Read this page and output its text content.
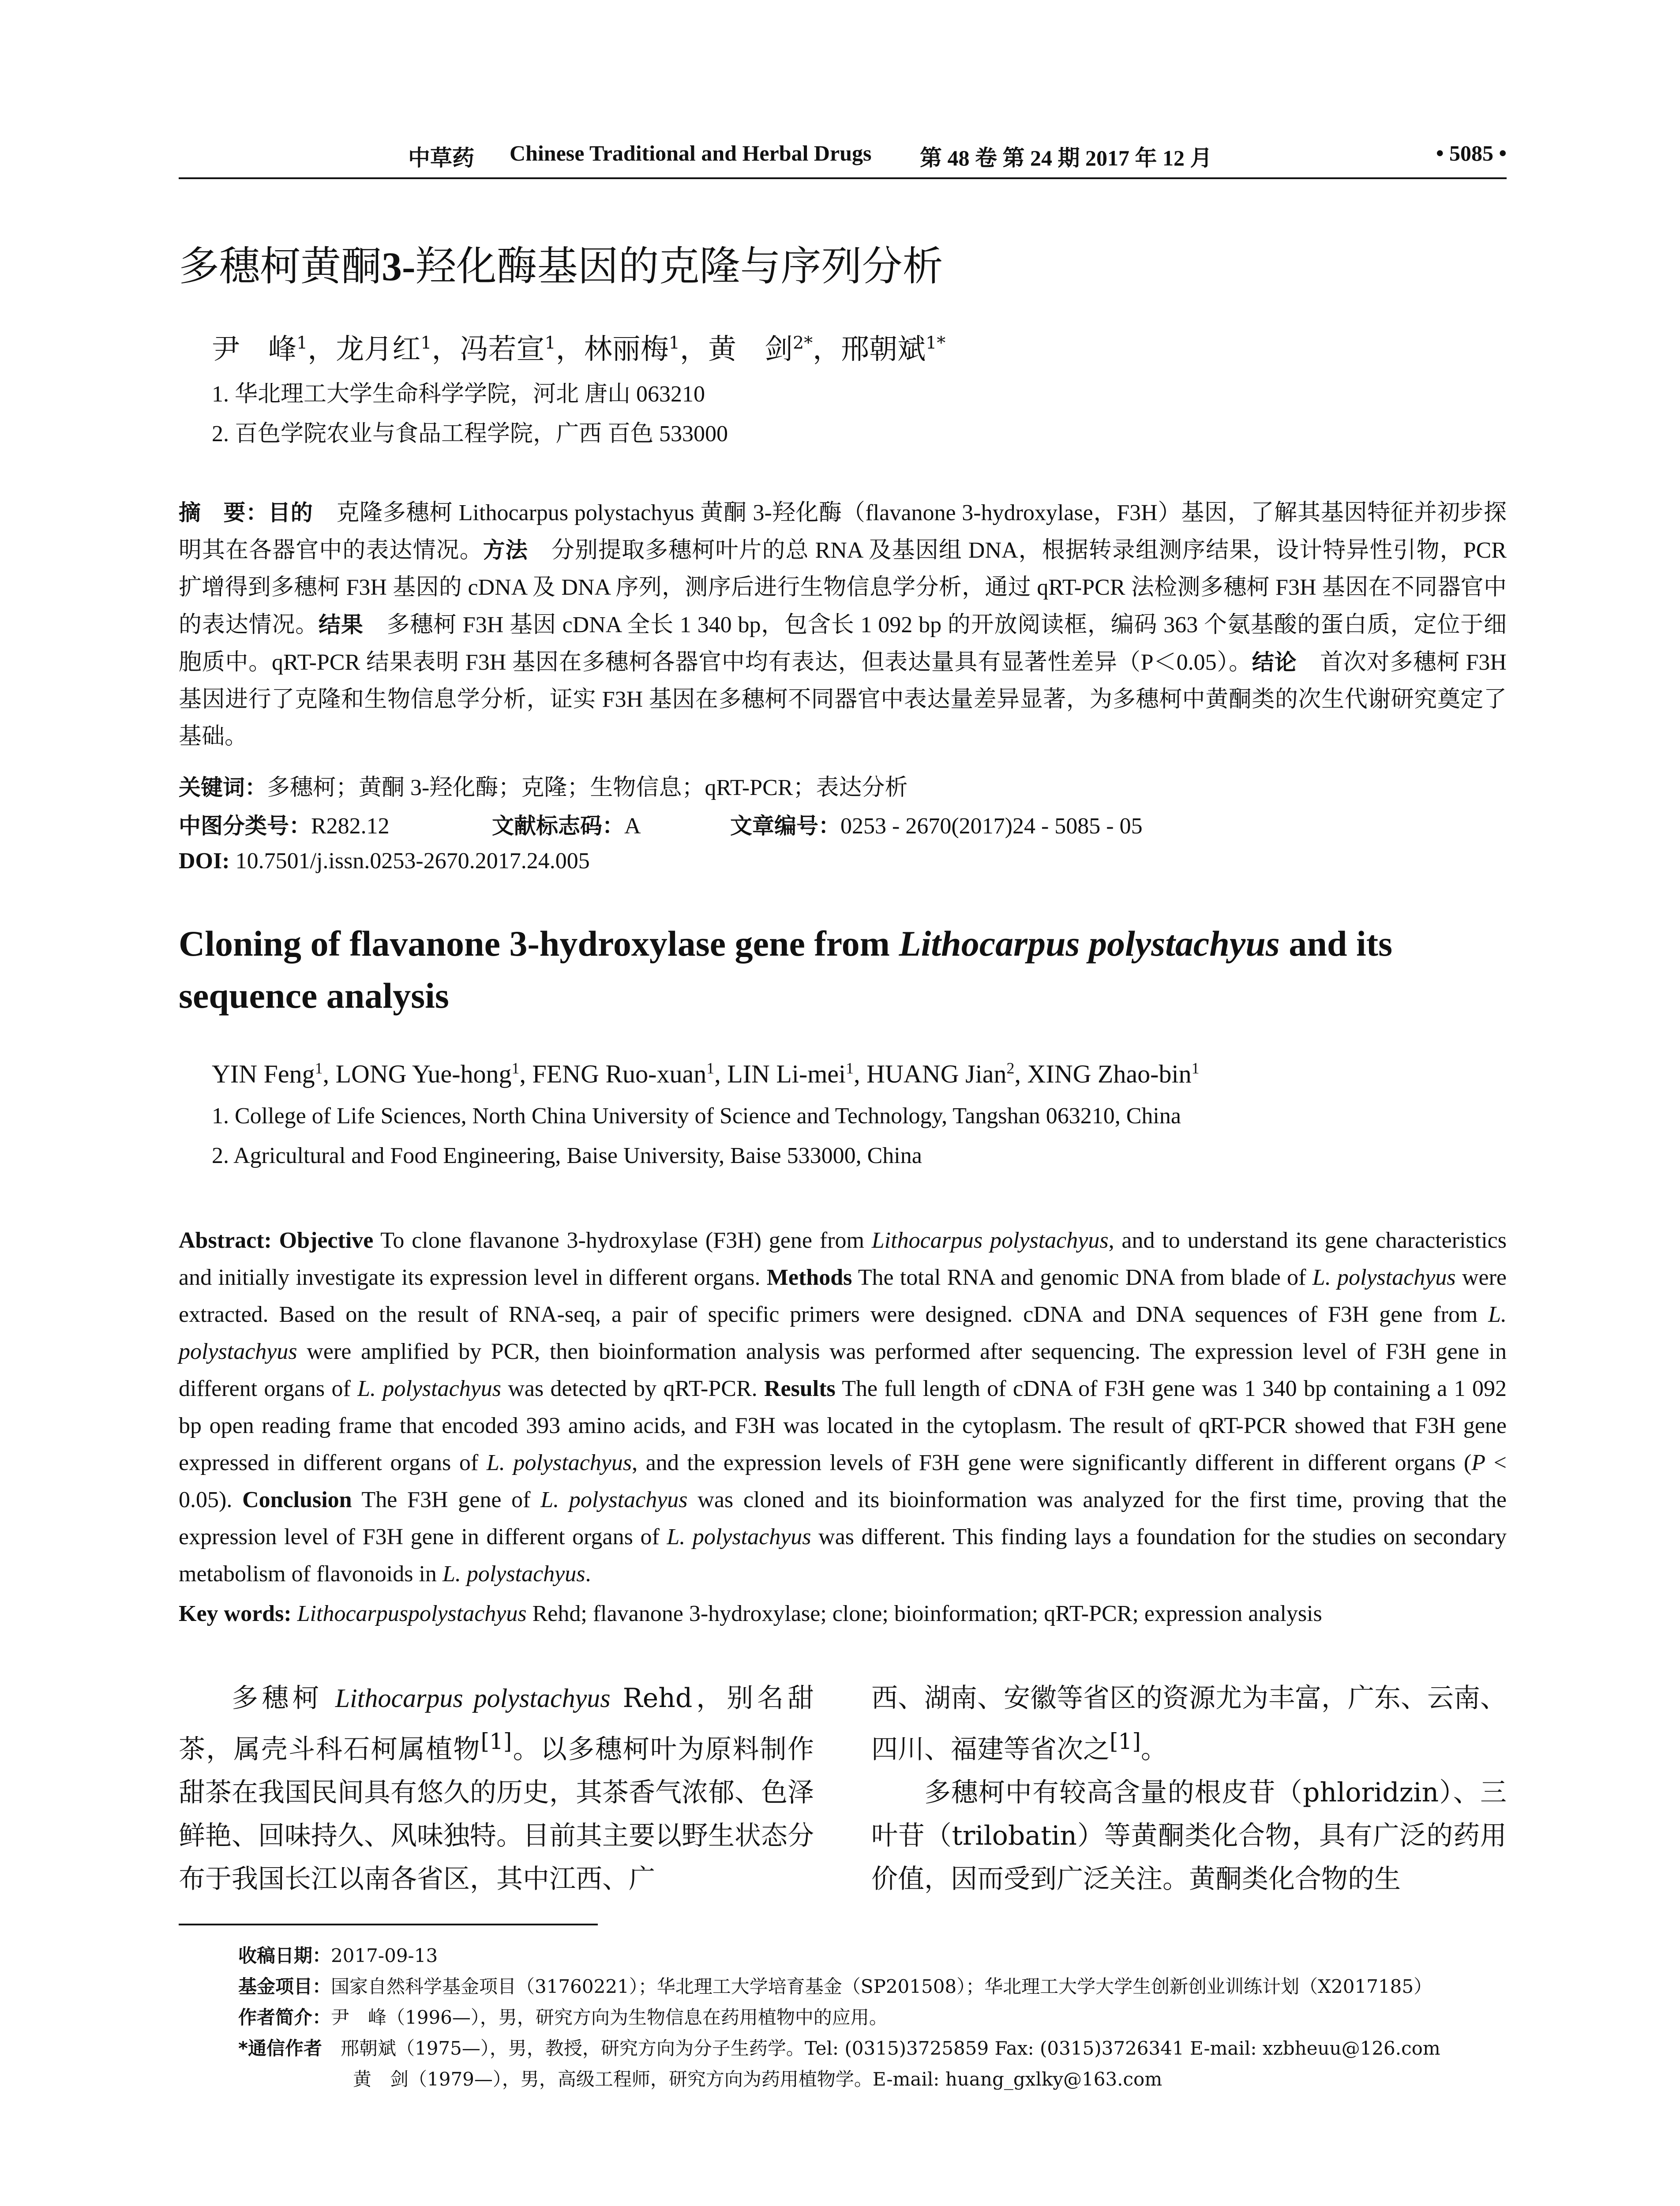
中草药 Chinese Traditional and Herbal Drugs 第 48 卷 第 24 期 2017 年 12 月	• 5085 •
多穗柯黄酮3-羟化酶基因的克隆与序列分析
尹　峰$^1$，龙月红$^1$，冯若宣$^1$，林丽梅$^1$，黄　剑$^{2*}$，邢朝斌$^{1*}$
1. 华北理工大学生命科学学院，河北 唐山 063210
2. 百色学院农业与食品工程学院，广西 百色 533000
摘　要：目的　克隆多穗柯 Lithocarpus polystachyus 黄酮 3-羟化酶（flavanone 3-hydroxylase，F3H）基因，了解其基因特征并初步探明其在各器官中的表达情况。方法　分别提取多穗柯叶片的总 RNA 及基因组 DNA，根据转录组测序结果，设计特异性引物，PCR 扩增得到多穗柯 F3H 基因的 cDNA 及 DNA 序列，测序后进行生物信息学分析，通过 qRT-PCR 法检测多穗柯 F3H 基因在不同器官中的表达情况。结果　多穗柯 F3H 基因 cDNA 全长 1 340 bp，包含长 1 092 bp 的开放阅读框，编码 363 个氨基酸的蛋白质，定位于细胞质中。qRT-PCR 结果表明 F3H 基因在多穗柯各器官中均有表达，但表达量具有显著性差异（P＜0.05）。结论　首次对多穗柯 F3H 基因进行了克隆和生物信息学分析，证实 F3H 基因在多穗柯不同器官中表达量差异显著，为多穗柯中黄酮类的次生代谢研究奠定了基础。
关键词：多穗柯；黄酮 3-羟化酶；克隆；生物信息；qRT-PCR；表达分析
中图分类号：R282.12	文献标志码：A	文章编号：0253 - 2670(2017)24 - 5085 - 05
DOI: 10.7501/j.issn.0253-2670.2017.24.005
Cloning of flavanone 3-hydroxylase gene from Lithocarpus polystachyus and its sequence analysis
YIN Feng$^1$, LONG Yue-hong$^1$, FENG Ruo-xuan$^1$, LIN Li-mei$^1$, HUANG Jian$^2$, XING Zhao-bin$^1$
1. College of Life Sciences, North China University of Science and Technology, Tangshan 063210, China
2. Agricultural and Food Engineering, Baise University, Baise 533000, China
Abstract: Objective To clone flavanone 3-hydroxylase (F3H) gene from Lithocarpus polystachyus, and to understand its gene characteristics and initially investigate its expression level in different organs. Methods The total RNA and genomic DNA from blade of L. polystachyus were extracted. Based on the result of RNA-seq, a pair of specific primers were designed. cDNA and DNA sequences of F3H gene from L. polystachyus were amplified by PCR, then bioinformation analysis was performed after sequencing. The expression level of F3H gene in different organs of L. polystachyus was detected by qRT-PCR. Results The full length of cDNA of F3H gene was 1 340 bp containing a 1 092 bp open reading frame that encoded 393 amino acids, and F3H was located in the cytoplasm. The result of qRT-PCR showed that F3H gene expressed in different organs of L. polystachyus, and the expression levels of F3H gene were significantly different in different organs (P < 0.05). Conclusion The F3H gene of L. polystachyus was cloned and its bioinformation was analyzed for the first time, proving that the expression level of F3H gene in different organs of L. polystachyus was different. This finding lays a foundation for the studies on secondary metabolism of flavonoids in L. polystachyus.
Key words: Lithocarpuspolystachyus Rehd; flavanone 3-hydroxylase; clone; bioinformation; qRT-PCR; expression analysis

多穗柯 Lithocarpus polystachyus Rehd，别名甜茶，属壳斗科石柯属植物[1]。以多穗柯叶为原料制作甜茶在我国民间具有悠久的历史，其茶香气浓郁、色泽鲜艳、回味持久、风味独特。目前其主要以野生状态分布于我国长江以南各省区，其中江西、广

西、湖南、安徽等省区的资源尤为丰富，广东、云南、四川、福建等省次之[1]。

多穗柯中有较高含量的根皮苷（phloridzin）、三叶苷（trilobatin）等黄酮类化合物，具有广泛的药用价值，因而受到广泛关注。黄酮类化合物的生

收稿日期：2017-09-13
基金项目：国家自然科学基金项目（31760221）；华北理工大学培育基金（SP201508）；华北理工大学大学生创新创业训练计划（X2017185）
作者简介：尹　峰（1996—），男，研究方向为生物信息在药用植物中的应用。
*通信作者　邢朝斌（1975—），男，教授，研究方向为分子生药学。Tel: (0315)3725859 Fax: (0315)3726341 E-mail: xzbheuu@126.com
黄　剑（1979—），男，高级工程师，研究方向为药用植物学。E-mail: huang_gxlky@163.com
